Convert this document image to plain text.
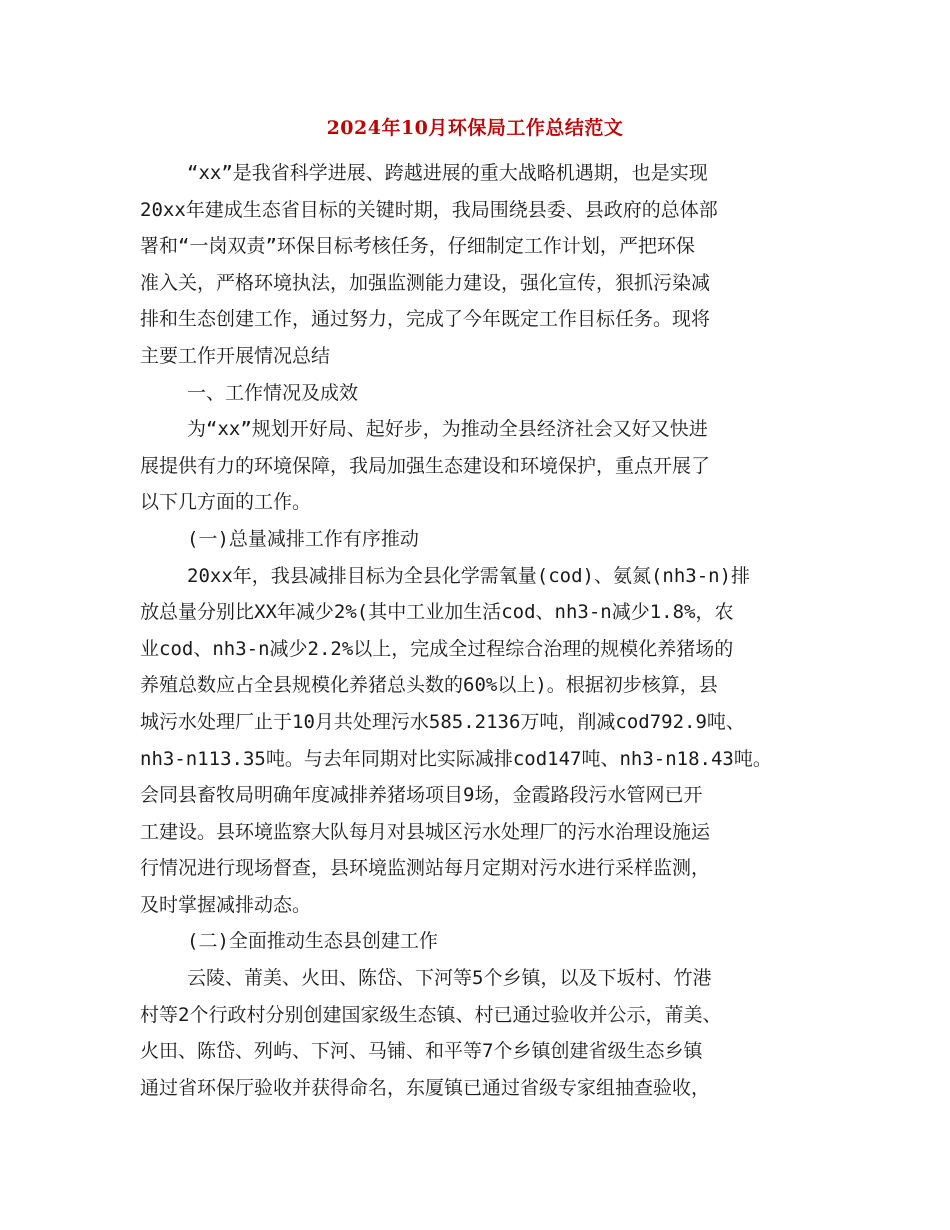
2024年10月环保局工作总结范文
“xx”是我省科学进展、跨越进展的重大战略机遇期，也是实现
20xx年建成生态省目标的关键时期，我局围绕县委、县政府的总体部
署和“一岗双责”环保目标考核任务，仔细制定工作计划，严把环保
准入关，严格环境执法，加强监测能力建设，强化宣传，狠抓污染减
排和生态创建工作，通过努力，完成了今年既定工作目标任务。现将
主要工作开展情况总结
一、工作情况及成效
为“xx”规划开好局、起好步，为推动全县经济社会又好又快进
展提供有力的环境保障，我局加强生态建设和环境保护，重点开展了
以下几方面的工作。
(一)总量减排工作有序推动
20xx年，我县减排目标为全县化学需氧量(cod)、氨氮(nh3-n)排
放总量分别比XX年减少2%(其中工业加生活cod、nh3-n减少1.8%，农
业cod、nh3-n减少2.2%以上，完成全过程综合治理的规模化养猪场的
养殖总数应占全县规模化养猪总头数的60%以上)。根据初步核算，县
城污水处理厂止于10月共处理污水585.2136万吨，削减cod792.9吨、
nh3-n113.35吨。与去年同期对比实际减排cod147吨、nh3-n18.43吨。
会同县畜牧局明确年度减排养猪场项目9场，金霞路段污水管网已开
工建设。县环境监察大队每月对县城区污水处理厂的污水治理设施运
行情况进行现场督查，县环境监测站每月定期对污水进行采样监测，
及时掌握减排动态。
(二)全面推动生态县创建工作
云陵、莆美、火田、陈岱、下河等5个乡镇，以及下坂村、竹港
村等2个行政村分别创建国家级生态镇、村已通过验收并公示，莆美、
火田、陈岱、列屿、下河、马铺、和平等7个乡镇创建省级生态乡镇
通过省环保厅验收并获得命名，东厦镇已通过省级专家组抽查验收，
